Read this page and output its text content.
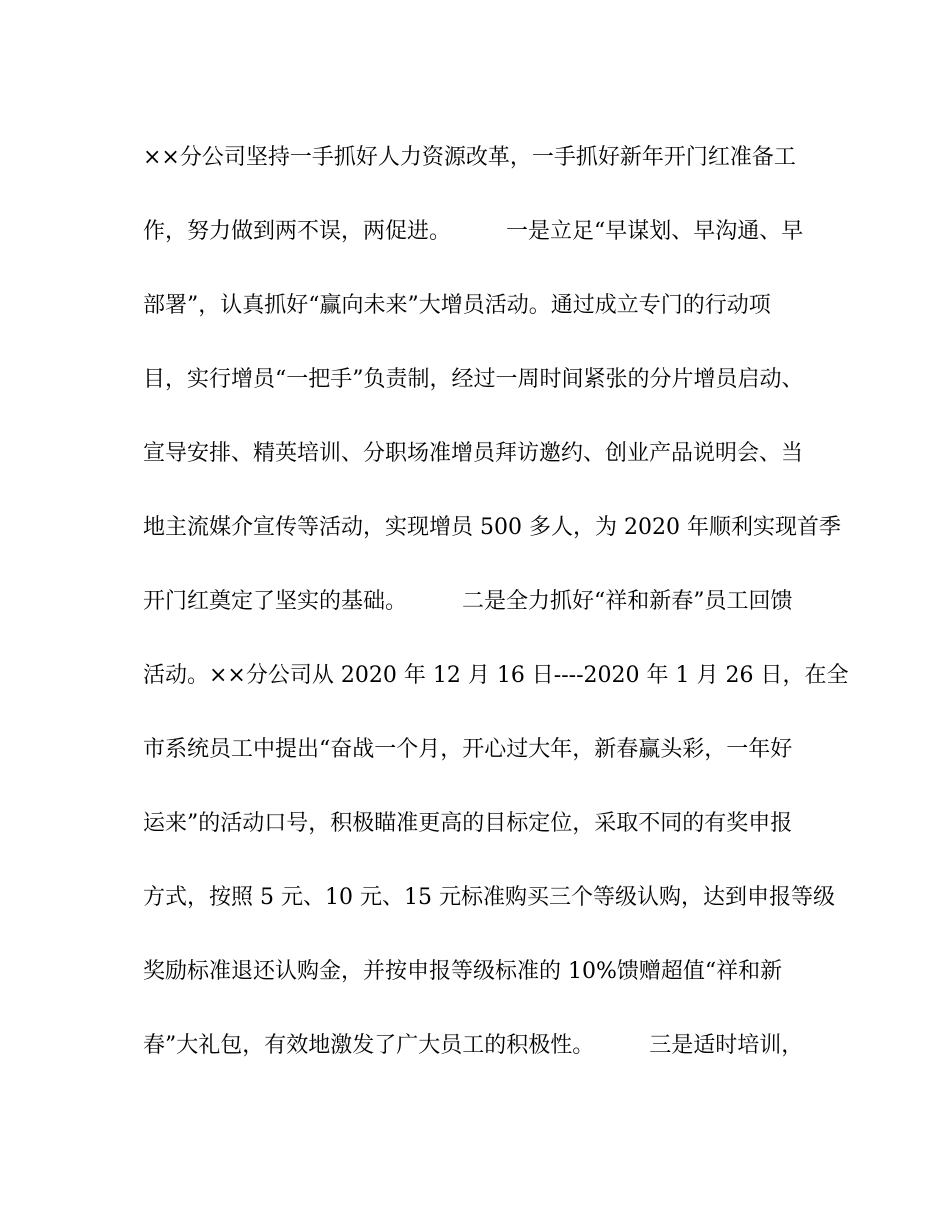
××分公司坚持一手抓好人力资源改革，一手抓好新年开门红准备工
作，努力做到两不误，两促进。　　　一是立足“早谋划、早沟通、早
部署”，认真抓好“赢向未来”大增员活动。通过成立专门的行动项
目，实行增员“一把手”负责制，经过一周时间紧张的分片增员启动、
宣导安排、精英培训、分职场准增员拜访邀约、创业产品说明会、当
地主流媒介宣传等活动，实现增员 500 多人，为 2020 年顺利实现首季
开门红奠定了坚实的基础。　　　二是全力抓好“祥和新春”员工回馈
活动。××分公司从 2020 年 12 月 16 日----2020 年 1 月 26 日，在全
市系统员工中提出“奋战一个月，开心过大年，新春赢头彩，一年好
运来”的活动口号，积极瞄准更高的目标定位，采取不同的有奖申报
方式，按照 5 元、10 元、15 元标准购买三个等级认购，达到申报等级
奖励标准退还认购金，并按申报等级标准的 10%馈赠超值“祥和新
春”大礼包，有效地激发了广大员工的积极性。　　　三是适时培训，
